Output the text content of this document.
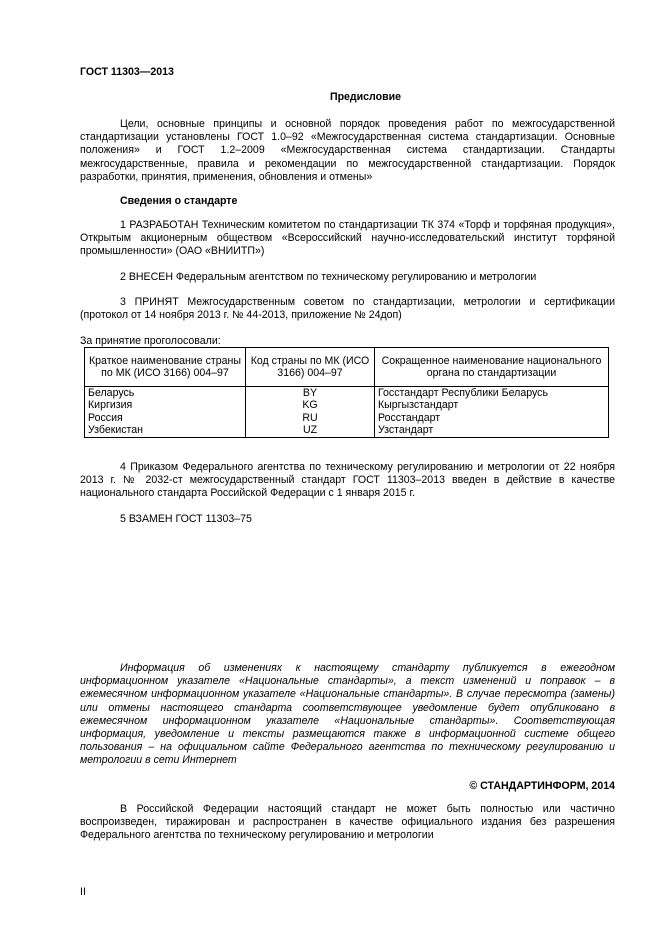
ГОСТ 11303—2013
Предисловие

Цели, основные принципы и основной порядок проведения работ по межгосударственной стандартизации установлены ГОСТ 1.0–92 «Межгосударственная система стандартизации. Основные положения» и ГОСТ 1.2–2009 «Межгосударственная система стандартизации. Стандарты межгосударственные, правила и рекомендации по межгосударственной стандартизации. Порядок разработки, принятия, применения, обновления и отмены»

Сведения о стандарте

1 РАЗРАБОТАН Техническим комитетом по стандартизации ТК 374 «Торф и торфяная продукция», Открытым акционерным обществом «Всероссийский научно-исследовательский институт торфяной промышленности» (ОАО «ВНИИТП»)

2 ВНЕСЕН Федеральным агентством по техническому регулированию и метрологии

3 ПРИНЯТ Межгосударственным советом по стандартизации, метрологии и сертификации (протокол от 14 ноября 2013 г. № 44-2013, приложение № 24доп)

За принятие проголосовали:
Краткое наименование страны по МК (ИСО 3166) 004–97	Код страны по МК (ИСО 3166) 004–97	Сокращенное наименование национального органа по стандартизации
Беларусь	BY	Госстандарт Республики Беларусь
Киргизия	KG	Кыргызстандарт
Россия	RU	Росстандарт
Узбекистан	UZ	Узстандарт

4 Приказом Федерального агентства по техническому регулированию и метрологии от 22 ноября 2013 г. № 2032-ст межгосударственный стандарт ГОСТ 11303–2013 введен в действие в качестве национального стандарта Российской Федерации с 1 января 2015 г.

5 ВЗАМЕН ГОСТ 11303–75

Информация об изменениях к настоящему стандарту публикуется в ежегодном информационном указателе «Национальные стандарты», а текст изменений и поправок – в ежемесячном информационном указателе «Национальные стандарты». В случае пересмотра (замены) или отмены настоящего стандарта соответствующее уведомление будет опубликовано в ежемесячном информационном указателе «Национальные стандарты». Соответствующая информация, уведомление и тексты размещаются также в информационной системе общего пользования – на официальном сайте Федерального агентства по техническому регулированию и метрологии в сети Интернет

© СТАНДАРТИНФОРМ, 2014

В Российской Федерации настоящий стандарт не может быть полностью или частично воспроизведен, тиражирован и распространен в качестве официального издания без разрешения Федерального агентства по техническому регулированию и метрологии

II
